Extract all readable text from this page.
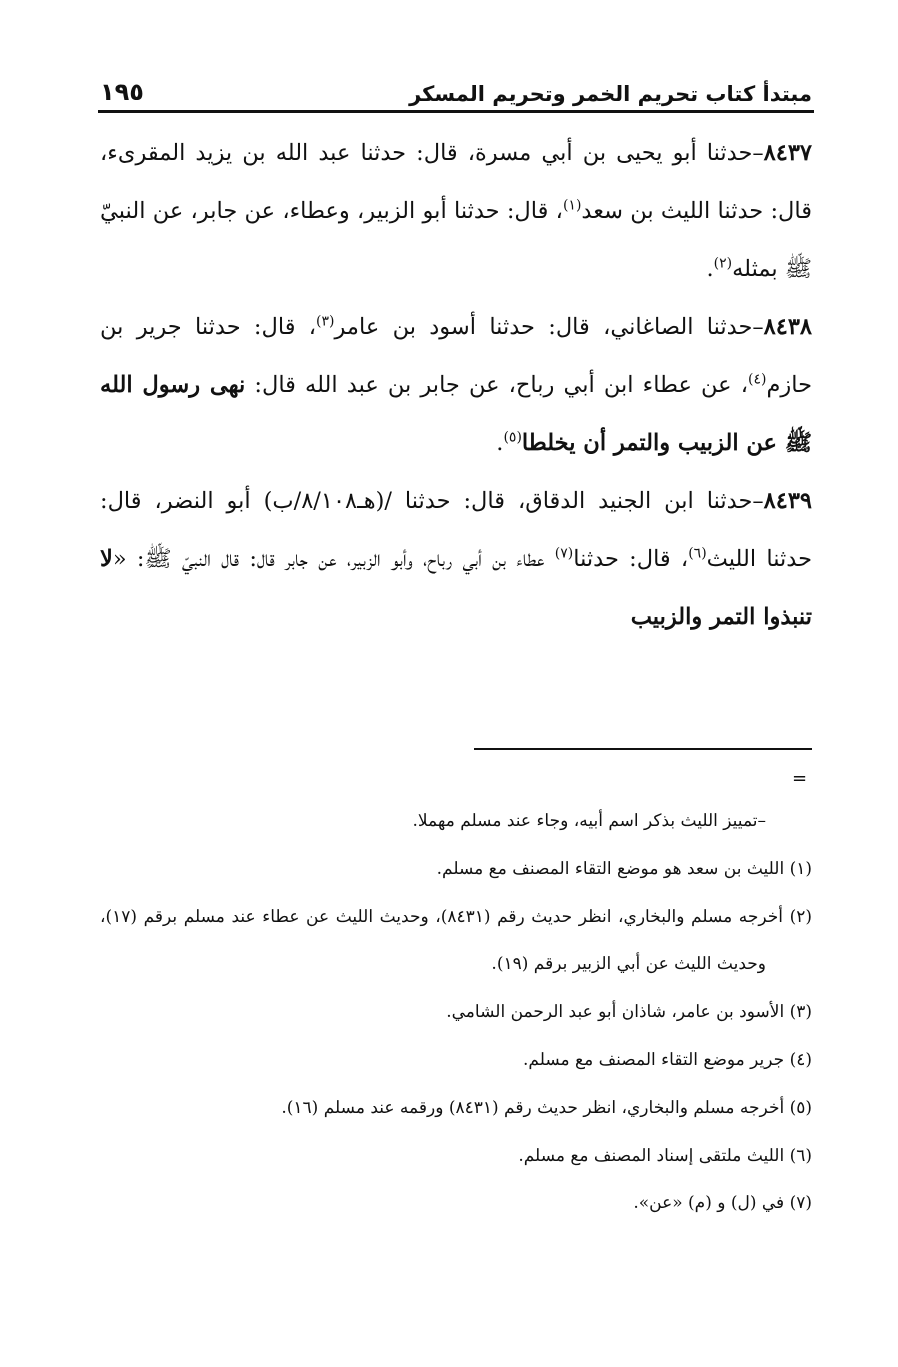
مبتدأ كتاب تحريم الخمر وتحريم المسكر
١٩٥

٨٤٣٧–حدثنا أبو يحيى بن أبي مسرة، قال: حدثنا عبد الله بن يزيد المقرىء، قال: حدثنا الليث بن سعد$^{(١)}$، قال: حدثنا أبو الزبير، وعطاء، عن جابر، عن النبيّ ﷺ بمثله$^{(٢)}$.

٨٤٣٨–حدثنا الصاغاني، قال: حدثنا أسود بن عامر$^{(٣)}$، قال: حدثنا جرير بن حازم$^{(٤)}$، عن عطاء ابن أبي رباح، عن جابر بن عبد الله قال: نهى رسول الله ﷺ عن الزبيب والتمر أن يخلطا$^{(٥)}$.

٨٤٣٩–حدثنا ابن الجنيد الدقاق، قال: حدثنا /(هـ٨/١٠٨/ب) أبو النضر، قال: حدثنا الليث$^{(٦)}$، قال: حدثنا$^{(٧)}$ عطاء بن أبي رباح، وأبو الزبير، عن جابر قال: قال النبيّ ﷺ: «لا تنبذوا التمر والزبيب

=

–تمييز الليث بذكر اسم أبيه، وجاء عند مسلم مهملا.

(١) الليث بن سعد هو موضع التقاء المصنف مع مسلم.

(٢) أخرجه مسلم والبخاري، انظر حديث رقم (٨٤٣١)، وحديث الليث عن عطاء عند مسلم برقم (١٧)، وحديث الليث عن أبي الزبير برقم (١٩).

(٣) الأسود بن عامر، شاذان أبو عبد الرحمن الشامي.

(٤) جرير موضع التقاء المصنف مع مسلم.

(٥) أخرجه مسلم والبخاري، انظر حديث رقم (٨٤٣١) ورقمه عند مسلم (١٦).

(٦) الليث ملتقى إسناد المصنف مع مسلم.

(٧) في (ل) و (م) «عن».
